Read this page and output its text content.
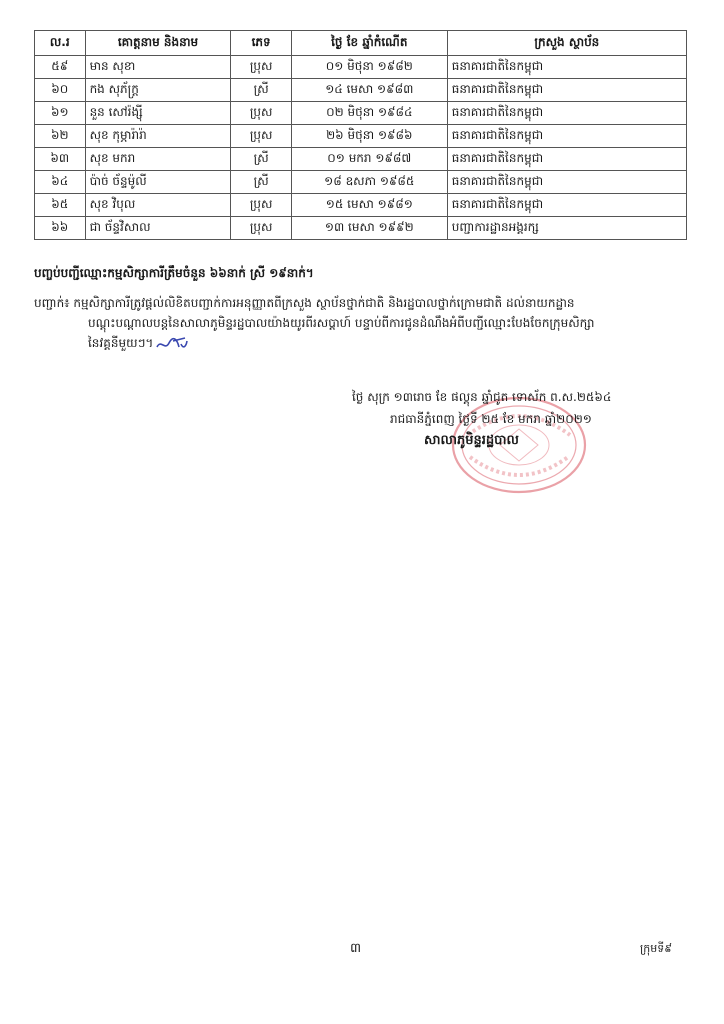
ល.រ	គោត្តនាម និងនាម	ភេទ	ថ្ងៃ ខែ ឆ្នាំកំណើត	ក្រសួង ស្ថាប័ន
៥៩	មាន សុខា	ប្រុស	០១ មិថុនា ១៩៨២	ធនាគារជាតិនៃកម្ពុជា
៦០	កង សុភ័ក្រ្ត	ស្រី	១៤ មេសា ១៩៨៣	ធនាគារជាតិនៃកម្ពុជា
៦១	នួន សៅរ៉ង្ស៊ី	ប្រុស	០២ មិថុនា ១៩៨៤	ធនាគារជាតិនៃកម្ពុជា
៦២	សុខ កុម្ភារ៉ារ៉ា	ប្រុស	២៦ មិថុនា ១៩៨៦	ធនាគារជាតិនៃកម្ពុជា
៦៣	សុខ មករា	ស្រី	០១ មករា ១៩៨៧	ធនាគារជាតិនៃកម្ពុជា
៦៤	ប៉ាច់ ច័ន្ទម៉ូលី	ស្រី	១៨ ឧសភា ១៩៨៥	ធនាគារជាតិនៃកម្ពុជា
៦៥	សុខ វិបុល	ប្រុស	១៥ មេសា ១៩៨១	ធនាគារជាតិនៃកម្ពុជា
៦៦	ជា ច័ន្ទវិសាល	ប្រុស	១៣ មេសា ១៩៩២	បញ្ជាការដ្ឋានអង្គរក្ស
បញ្ចប់បញ្ជីឈ្មោះកម្មសិក្សាការីត្រឹមចំនួន ៦៦នាក់ ស្រី ១៩នាក់។
បញ្ជាក់៖ កម្មសិក្សាការីត្រូវផ្ដល់លិខិតបញ្ជាក់ការអនុញ្ញាតពីក្រសួង ស្ថាប័នថ្នាក់ជាតិ និងរដ្ឋបាលថ្នាក់ក្រោមជាតិ ដល់នាយកដ្ឋាន
បណ្តុះបណ្តាលបន្តនៃសាលាភូមិន្ទរដ្ឋបាលយ៉ាងយូរពីរសប្តាហ៍ បន្ទាប់ពីការជូនដំណឹងអំពីបញ្ជីឈ្មោះបែងចែកក្រុមសិក្សា
នៃវគ្គនីមួយៗ។
ថ្ងៃ សុក្រ ១៣រោច ខែ ផល្គុន ឆ្នាំជូត ទោស័ក ព.ស.២៥៦៤
រាជធានីភ្នំពេញ ថ្ងៃទី ២៥ ខែ មករា ឆ្នាំ២០២១
សាលាភូមិន្ទរដ្ឋបាល
៣	ក្រុមទី៩
